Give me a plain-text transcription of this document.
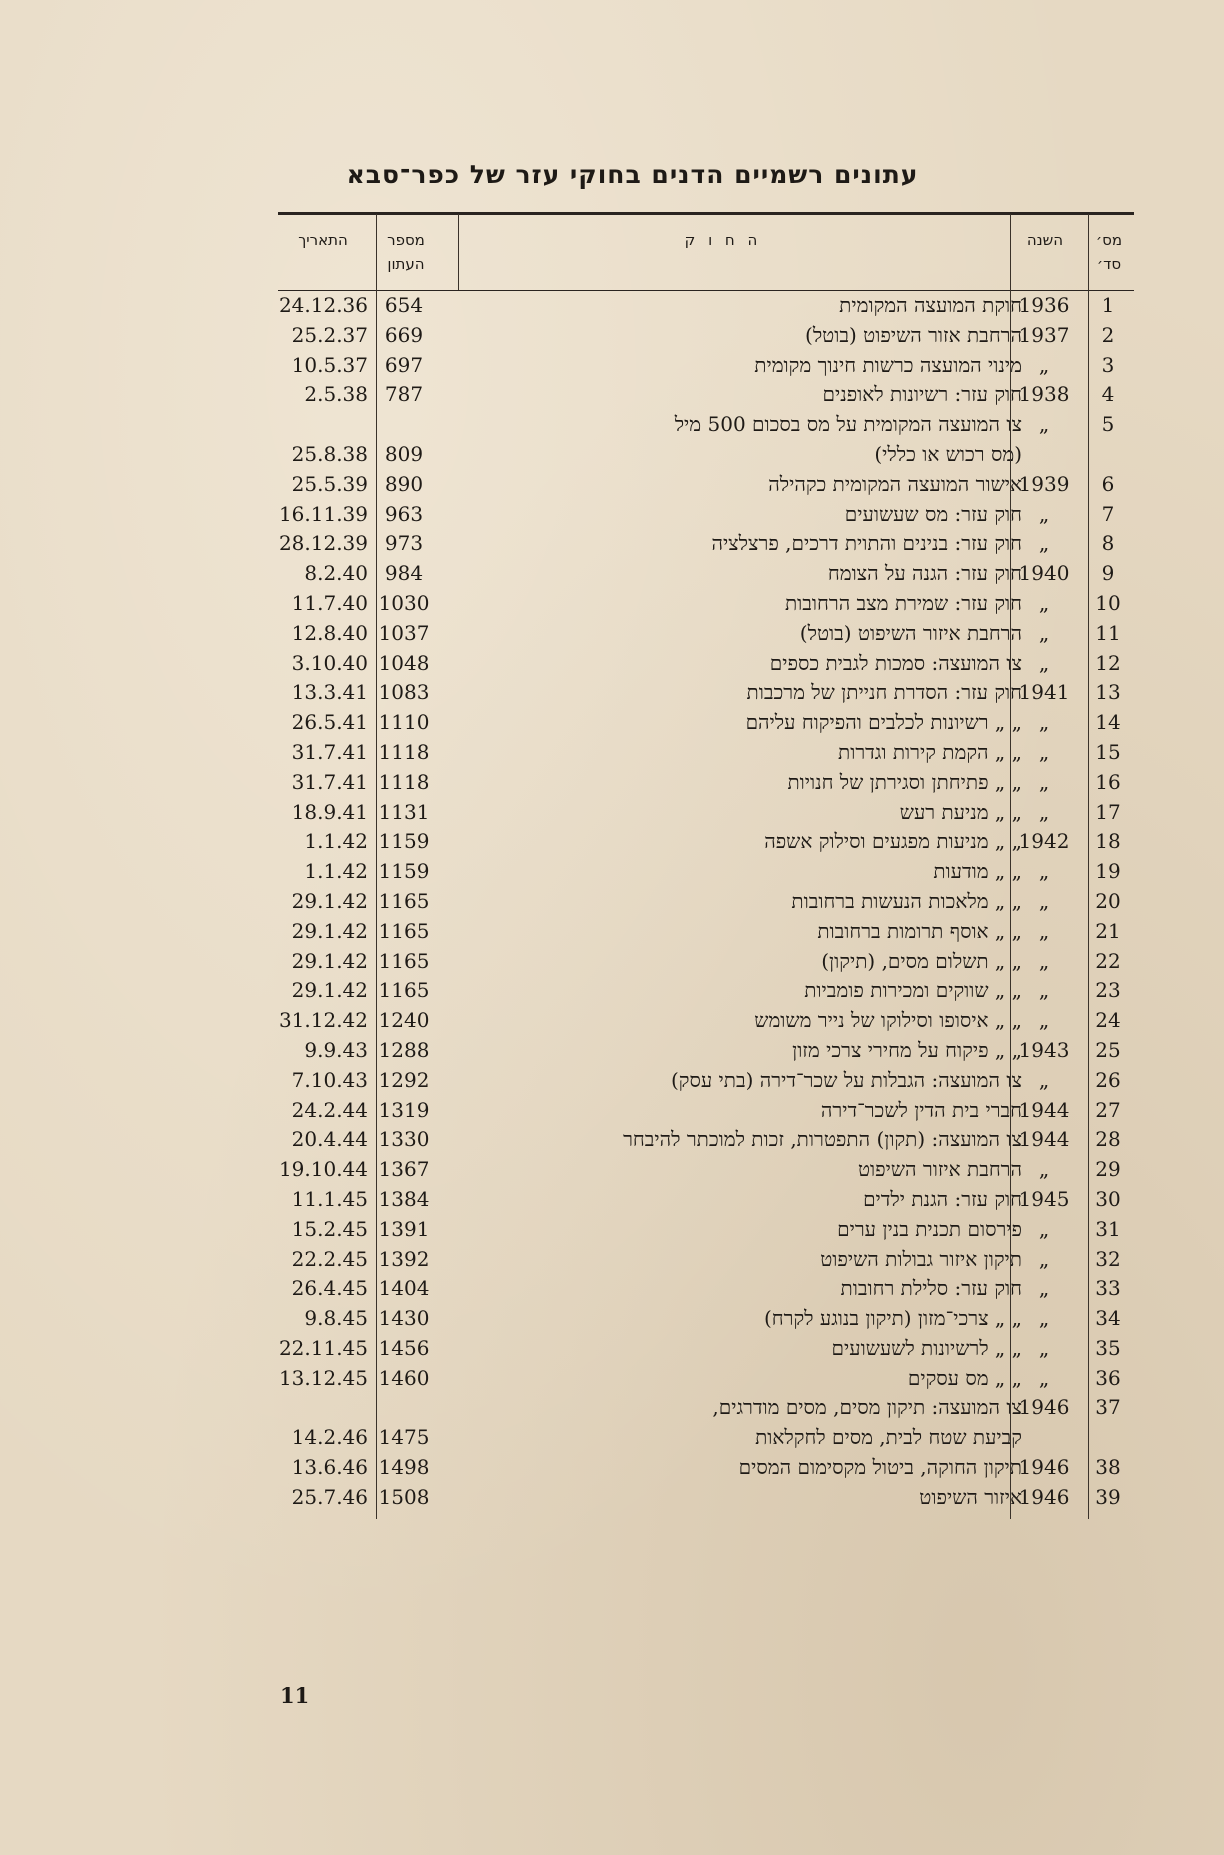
עתונים רשמיים הדנים בחוקי עזר של כפר־סבא
מס׳ סד׳
השנה
ה ח ו ק
מספר העתון
התאריך
1
1936
חוקת המועצה המקומית
654
24.12.36
2
1937
הרחבת אזור השיפוט (בוטל)
669
25.2.37
3
„
מינוי המועצה כרשות חינוך מקומית
697
10.5.37
4
1938
חוק עזר: רשיונות לאופנים
787
2.5.38
5
„
צו המועצה המקומית על מס בסכום 500 מיל
(מס רכוש או כללי)
809
25.8.38
6
1939
אישור המועצה המקומית כקהילה
890
25.5.39
7
„
חוק עזר: מס שעשועים
963
16.11.39
8
„
חוק עזר: בנינים והתוית דרכים, פרצלציה
973
28.12.39
9
1940
חוק עזר: הגנה על הצומח
984
8.2.40
10
„
חוק עזר: שמירת מצב הרחובות
1030
11.7.40
11
„
הרחבת איזור השיפוט (בוטל)
1037
12.8.40
12
„
צו המועצה: סמכות לגבית כספים
1048
3.10.40
13
1941
חוק עזר: הסדרת חנייתן של מרכבות
1083
13.3.41
14
„
„ „ רשיונות לכלבים והפיקוח עליהם
1110
26.5.41
15
„
„ „ הקמת קירות וגדרות
1118
31.7.41
16
„
„ „ פתיחתן וסגירתן של חנויות
1118
31.7.41
17
„
„ „ מניעת רעש
1131
18.9.41
18
1942
„ „ מניעות מפגעים וסילוק אשפה
1159
1.1.42
19
„
„ „ מודעות
1159
1.1.42
20
„
„ „ מלאכות הנעשות ברחובות
1165
29.1.42
21
„
„ „ אוסף תרומות ברחובות
1165
29.1.42
22
„
„ „ תשלום מסים, (תיקון)
1165
29.1.42
23
„
„ „ שווקים ומכירות פומביות
1165
29.1.42
24
„
„ „ איסופו וסילוקו של נייר משומש
1240
31.12.42
25
1943
„ „ פיקוח על מחירי צרכי מזון
1288
9.9.43
26
„
צו המועצה: הגבלות על שכר־דירה (בתי עסק)
1292
7.10.43
27
1944
חברי בית הדין לשכר־דירה
1319
24.2.44
28
1944
צו המועצה: (תקון) התפטרות, זכות למוכתר להיבחר
1330
20.4.44
29
„
הרחבת איזור השיפוט
1367
19.10.44
30
1945
חוק עזר: הגנת ילדים
1384
11.1.45
31
„
פירסום תכנית בנין ערים
1391
15.2.45
32
„
תיקון איזור גבולות השיפוט
1392
22.2.45
33
„
חוק עזר: סלילת רחובות
1404
26.4.45
34
„
„ „ צרכי־מזון (תיקון בנוגע לקרח)
1430
9.8.45
35
„
„ „ לרשיונות לשעשועים
1456
22.11.45
36
„
„ „ מס עסקים
1460
13.12.45
37
1946
צו המועצה: תיקון מסים, מסים מודרגים,
קביעת שטח לבית, מסים לחקלאות
1475
14.2.46
38
1946
תיקון החוקה, ביטול מקסימום המסים
1498
13.6.46
39
1946
איזור השיפוט
1508
25.7.46
11
